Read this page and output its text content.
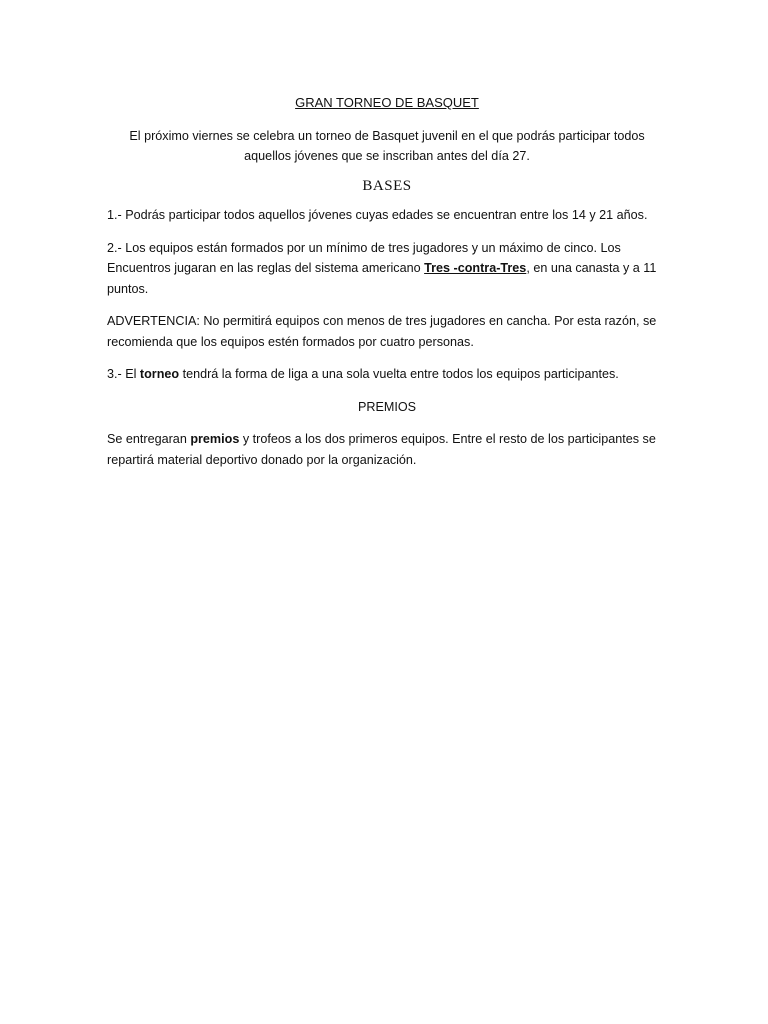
GRAN TORNEO DE BASQUET
El próximo viernes se celebra un torneo de Basquet juvenil en el que podrás participar todos
aquellos jóvenes que se inscriban antes del día 27.
BASES

1.- Podrás participar todos aquellos jóvenes cuyas edades se encuentran entre los 14 y 21 años.

2.- Los equipos están formados por un mínimo de tres jugadores y un máximo de cinco. Los Encuentros jugaran en las reglas del sistema americano Tres -contra-Tres, en una canasta y a 11 puntos.

ADVERTENCIA: No permitirá equipos con menos de tres jugadores en cancha. Por esta razón, se recomienda que los equipos estén formados por cuatro personas.

3.- El torneo tendrá la forma de liga a una sola vuelta entre todos los equipos participantes.

PREMIOS

Se entregaran premios y trofeos a los dos primeros equipos. Entre el resto de los participantes se repartirá material deportivo donado por la organización.
